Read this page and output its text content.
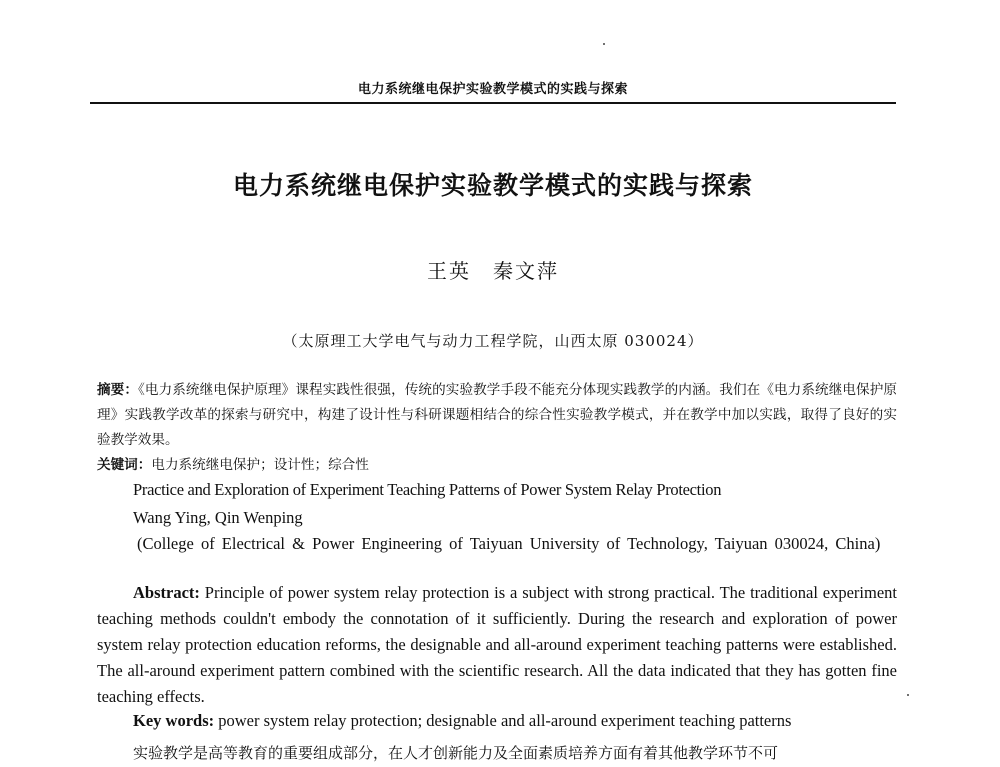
电力系统继电保护实验教学模式的实践与探索
电力系统继电保护实验教学模式的实践与探索
王英 秦文萍
（太原理工大学电气与动力工程学院，山西太原 030024）
摘要：《电力系统继电保护原理》课程实践性很强，传统的实验教学手段不能充分体现实践教学的内涵。我们在《电力系统继电保护原理》实践教学改革的探索与研究中，构建了设计性与科研课题相结合的综合性实验教学模式，并在教学中加以实践，取得了良好的实验教学效果。
关键词：电力系统继电保护；设计性；综合性
Practice and Exploration of Experiment Teaching Patterns of Power System Relay Protection
Wang Ying, Qin Wenping
(College of Electrical & Power Engineering of Taiyuan University of Technology, Taiyuan 030024, China)
Abstract: Principle of power system relay protection is a subject with strong practical. The traditional experiment teaching methods couldn't embody the connotation of it sufficiently. During the research and exploration of power system relay protection education reforms, the designable and all-around experiment teaching patterns were established. The all-around experiment pattern combined with the scientific research. All the data indicated that they has gotten fine teaching effects.
Key words: power system relay protection; designable and all-around experiment teaching patterns
实验教学是高等教育的重要组成部分，在人才创新能力及全面素质培养方面有着其他教学环节不可
